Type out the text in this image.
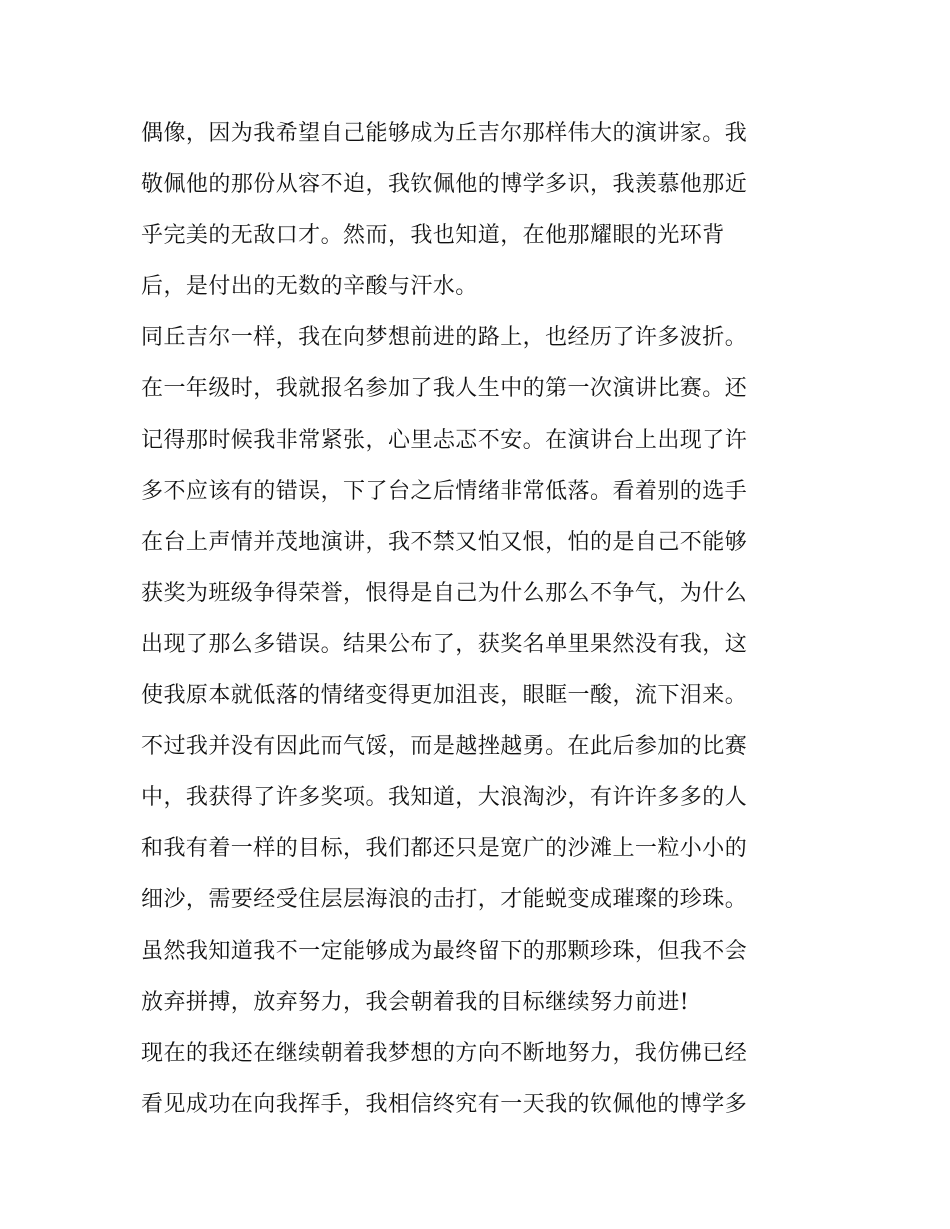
偶像，因为我希望自己能够成为丘吉尔那样伟大的演讲家。我
敬佩他的那份从容不迫，我钦佩他的博学多识，我羡慕他那近
乎完美的无敌口才。然而，我也知道，在他那耀眼的光环背
后，是付出的无数的辛酸与汗水。
同丘吉尔一样，我在向梦想前进的路上，也经历了许多波折。
在一年级时，我就报名参加了我人生中的第一次演讲比赛。还
记得那时候我非常紧张，心里忐忑不安。在演讲台上出现了许
多不应该有的错误，下了台之后情绪非常低落。看着别的选手
在台上声情并茂地演讲，我不禁又怕又恨，怕的是自己不能够
获奖为班级争得荣誉，恨得是自己为什么那么不争气，为什么
出现了那么多错误。结果公布了，获奖名单里果然没有我，这
使我原本就低落的情绪变得更加沮丧，眼眶一酸，流下泪来。
不过我并没有因此而气馁，而是越挫越勇。在此后参加的比赛
中，我获得了许多奖项。我知道，大浪淘沙，有许许多多的人
和我有着一样的目标，我们都还只是宽广的沙滩上一粒小小的
细沙，需要经受住层层海浪的击打，才能蜕变成璀璨的珍珠。
虽然我知道我不一定能够成为最终留下的那颗珍珠，但我不会
放弃拼搏，放弃努力，我会朝着我的目标继续努力前进!
现在的我还在继续朝着我梦想的方向不断地努力，我仿佛已经
看见成功在向我挥手，我相信终究有一天我的钦佩他的博学多
